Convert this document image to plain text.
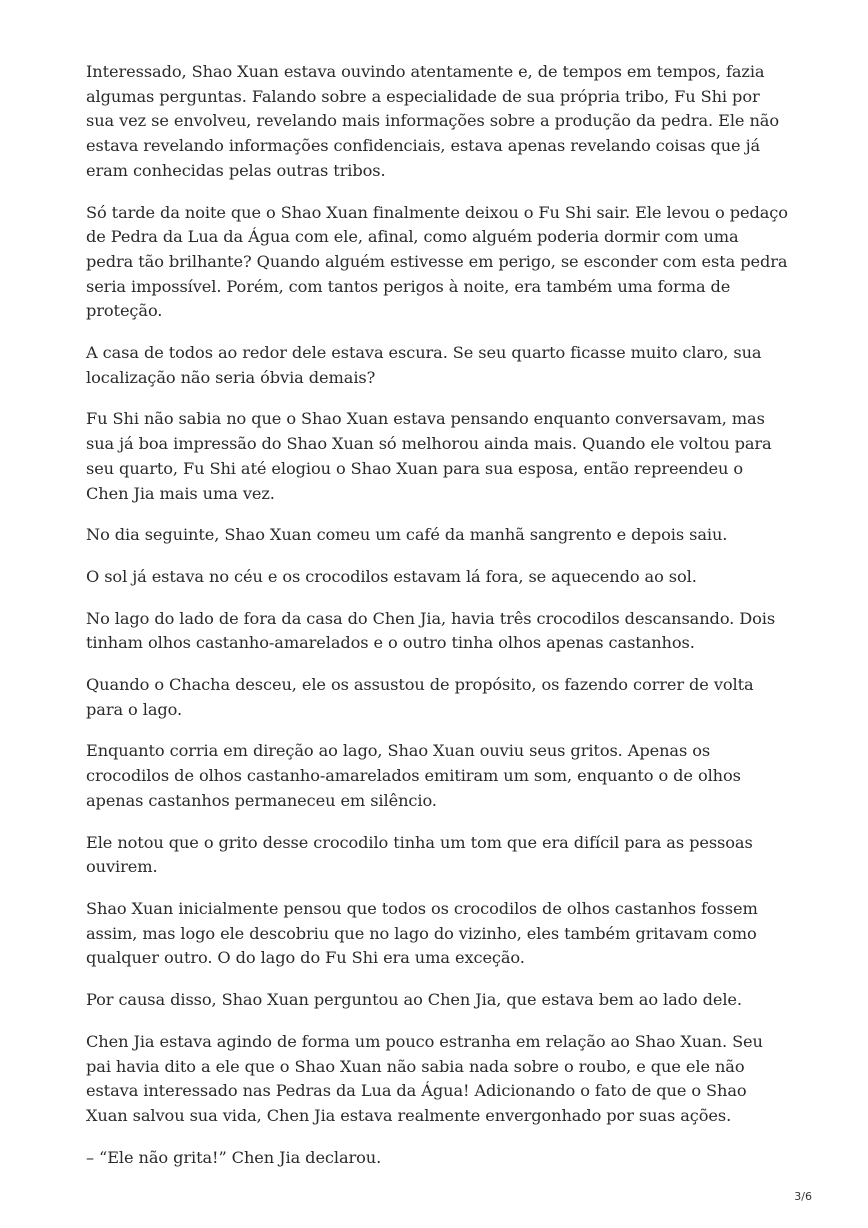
Interessado, Shao Xuan estava ouvindo atentamente e, de tempos em tempos, fazia algumas perguntas. Falando sobre a especialidade de sua própria tribo, Fu Shi por sua vez se envolveu, revelando mais informações sobre a produção da pedra. Ele não estava revelando informações confidenciais, estava apenas revelando coisas que já eram conhecidas pelas outras tribos.

Só tarde da noite que o Shao Xuan finalmente deixou o Fu Shi sair. Ele levou o pedaço de Pedra da Lua da Água com ele, afinal, como alguém poderia dormir com uma pedra tão brilhante? Quando alguém estivesse em perigo, se esconder com esta pedra seria impossível. Porém, com tantos perigos à noite, era também uma forma de proteção.

A casa de todos ao redor dele estava escura. Se seu quarto ficasse muito claro, sua localização não seria óbvia demais?

Fu Shi não sabia no que o Shao Xuan estava pensando enquanto conversavam, mas sua já boa impressão do Shao Xuan só melhorou ainda mais. Quando ele voltou para seu quarto, Fu Shi até elogiou o Shao Xuan para sua esposa, então repreendeu o Chen Jia mais uma vez.

No dia seguinte, Shao Xuan comeu um café da manhã sangrento e depois saiu.

O sol já estava no céu e os crocodilos estavam lá fora, se aquecendo ao sol.

No lago do lado de fora da casa do Chen Jia, havia três crocodilos descansando. Dois tinham olhos castanho-amarelados e o outro tinha olhos apenas castanhos.

Quando o Chacha desceu, ele os assustou de propósito, os fazendo correr de volta para o lago.

Enquanto corria em direção ao lago, Shao Xuan ouviu seus gritos. Apenas os crocodilos de olhos castanho-amarelados emitiram um som, enquanto o de olhos apenas castanhos permaneceu em silêncio.

Ele notou que o grito desse crocodilo tinha um tom que era difícil para as pessoas ouvirem.

Shao Xuan inicialmente pensou que todos os crocodilos de olhos castanhos fossem assim, mas logo ele descobriu que no lago do vizinho, eles também gritavam como qualquer outro. O do lago do Fu Shi era uma exceção.

Por causa disso, Shao Xuan perguntou ao Chen Jia, que estava bem ao lado dele.

Chen Jia estava agindo de forma um pouco estranha em relação ao Shao Xuan. Seu pai havia dito a ele que o Shao Xuan não sabia nada sobre o roubo, e que ele não estava interessado nas Pedras da Lua da Água! Adicionando o fato de que o Shao Xuan salvou sua vida, Chen Jia estava realmente envergonhado por suas ações.

– “Ele não grita!” Chen Jia declarou.

3/6
